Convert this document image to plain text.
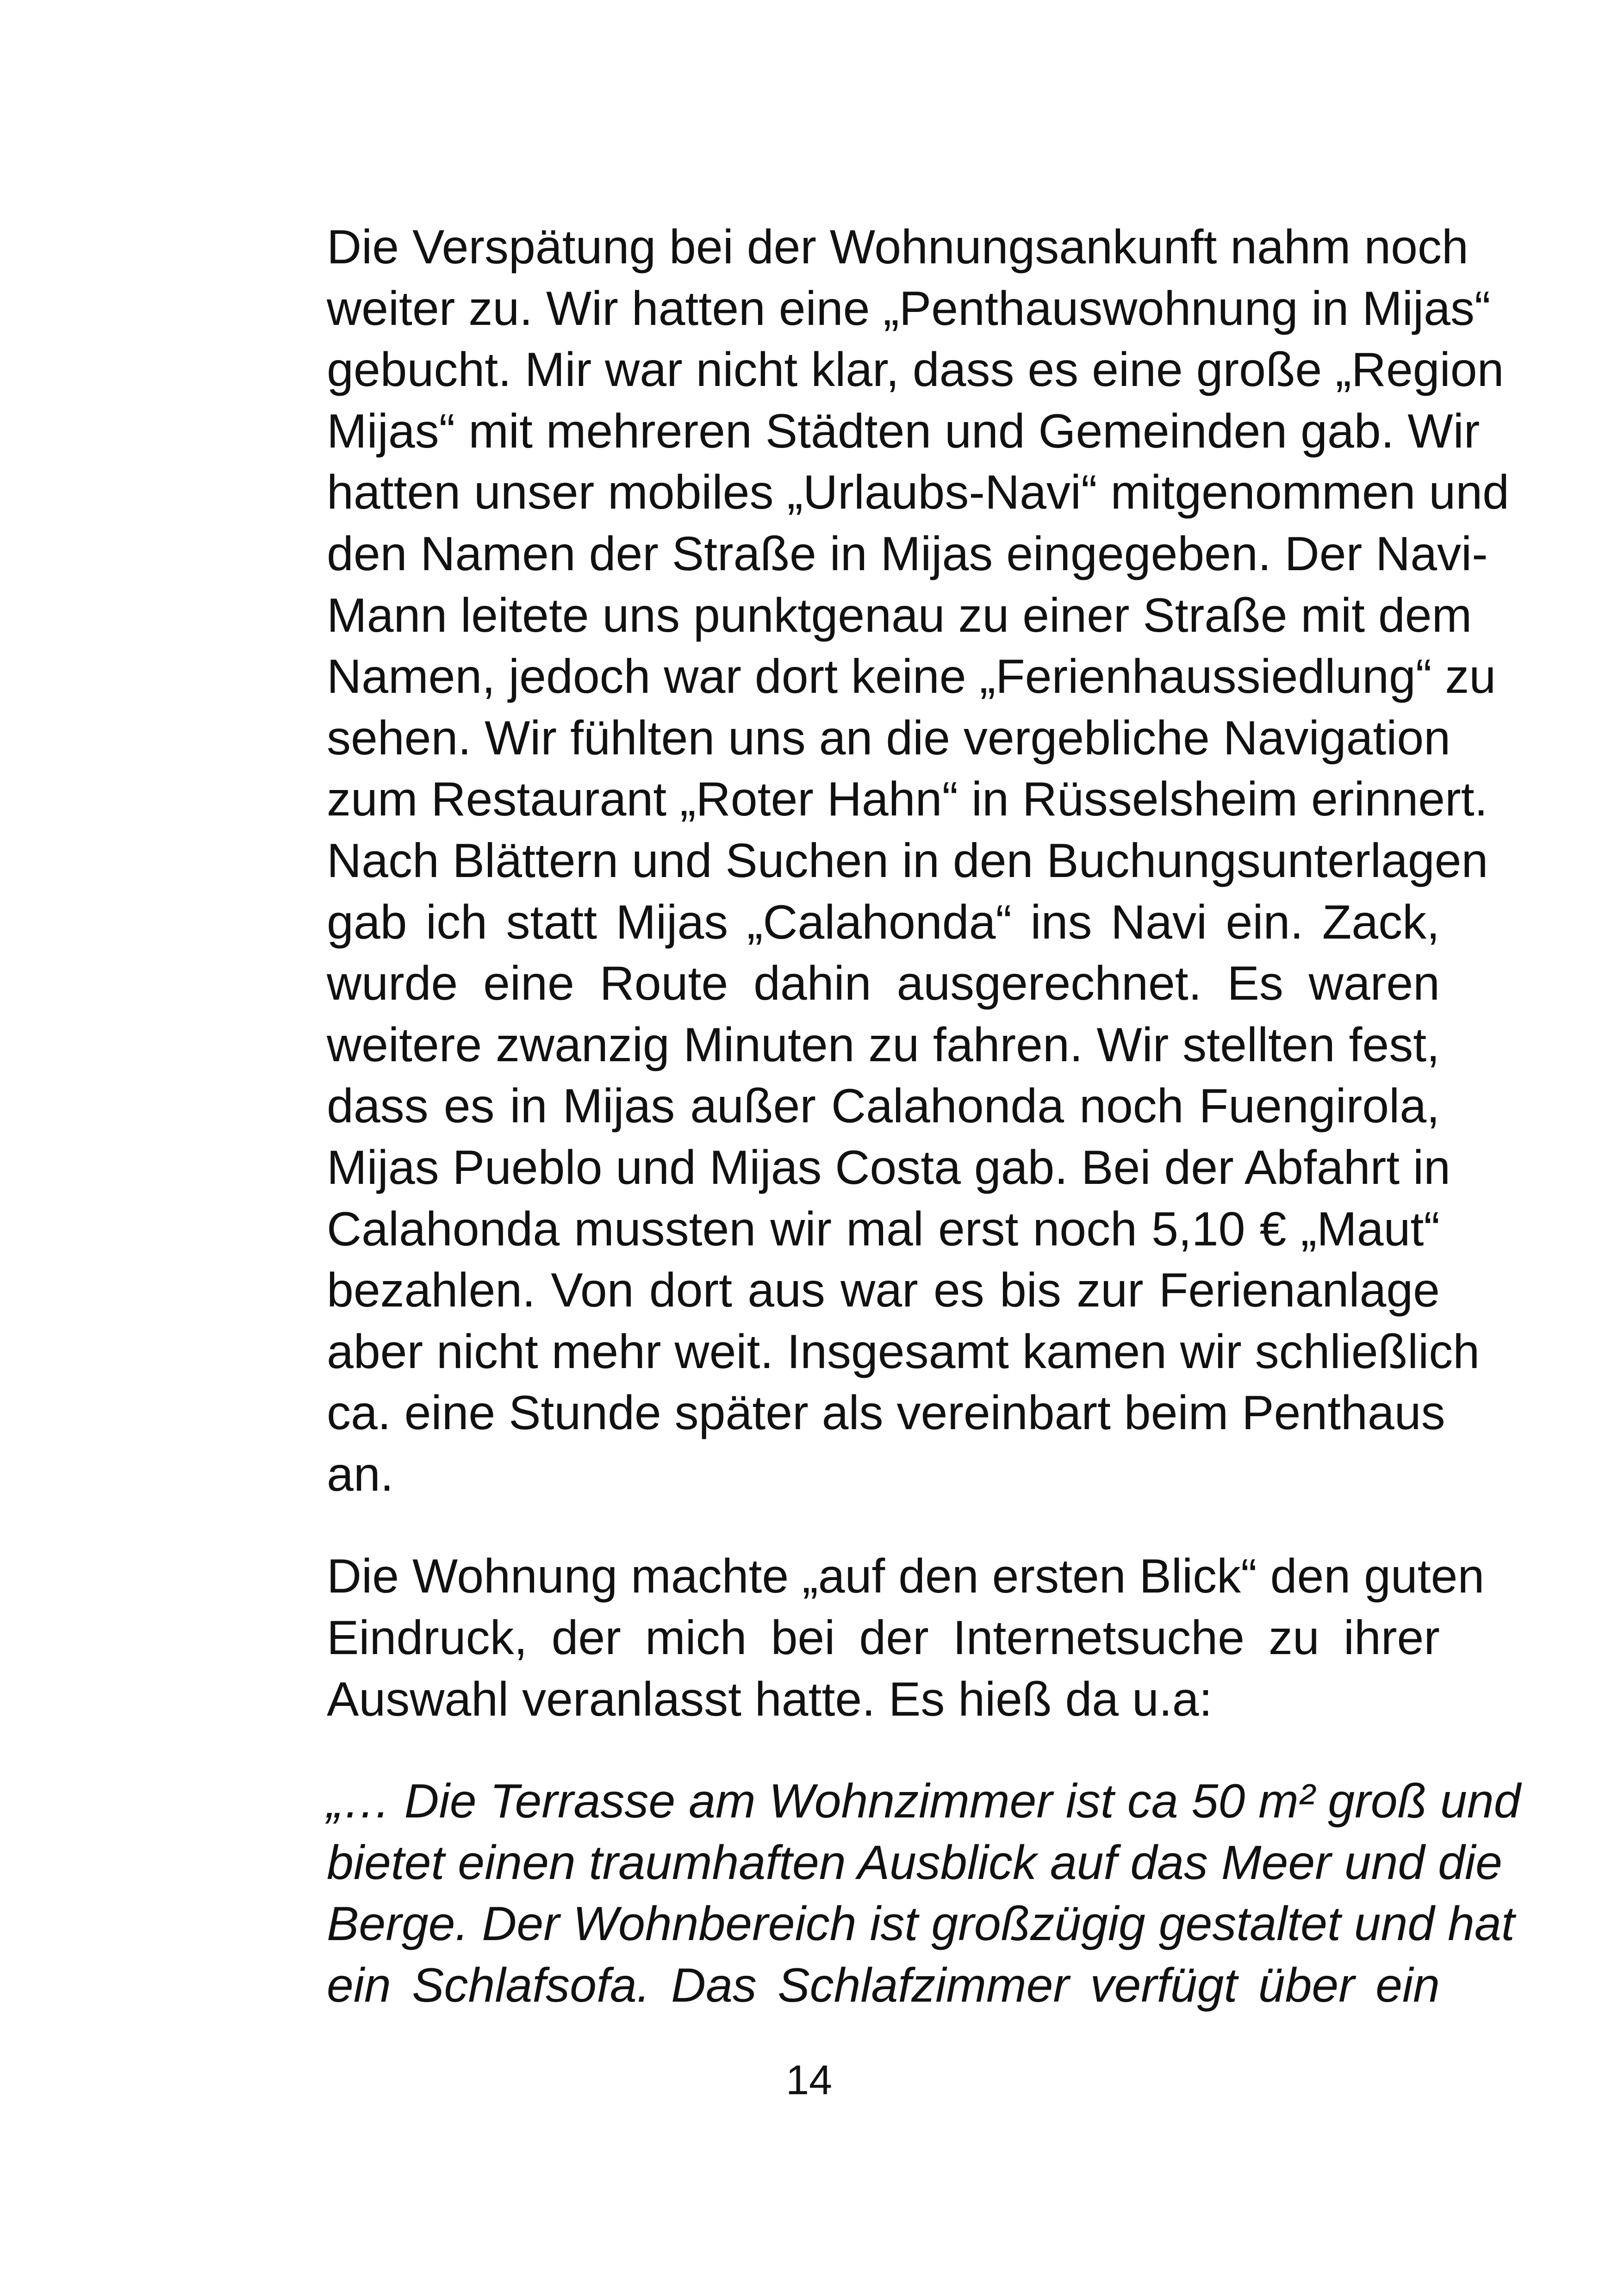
Die Verspätung bei der Wohnungsankunft nahm noch
weiter zu. Wir hatten eine „Penthauswohnung in Mijas“
gebucht. Mir war nicht klar, dass es eine große „Region
Mijas“ mit mehreren Städten und Gemeinden gab. Wir
hatten unser mobiles „Urlaubs-Navi“ mitgenommen und
den Namen der Straße in Mijas eingegeben. Der Navi-
Mann leitete uns punktgenau zu einer Straße mit dem
Namen, jedoch war dort keine „Ferienhaussiedlung“ zu
sehen. Wir fühlten uns an die vergebliche Navigation
zum Restaurant „Roter Hahn“ in Rüsselsheim erinnert.
Nach Blättern und Suchen in den Buchungsunterlagen
gab ich statt Mijas „Calahonda“ ins Navi ein. Zack,
wurde eine Route dahin ausgerechnet. Es waren
weitere zwanzig Minuten zu fahren. Wir stellten fest,
dass es in Mijas außer Calahonda noch Fuengirola,
Mijas Pueblo und Mijas Costa gab. Bei der Abfahrt in
Calahonda mussten wir mal erst noch 5,10 € „Maut“
bezahlen. Von dort aus war es bis zur Ferienanlage
aber nicht mehr weit. Insgesamt kamen wir schließlich
ca. eine Stunde später als vereinbart beim Penthaus
an.

Die Wohnung machte „auf den ersten Blick“ den guten
Eindruck, der mich bei der Internetsuche zu ihrer
Auswahl veranlasst hatte. Es hieß da u.a:

„… Die Terrasse am Wohnzimmer ist ca 50 m² groß und
bietet einen traumhaften Ausblick auf das Meer und die
Berge. Der Wohnbereich ist großzügig gestaltet und hat
ein Schlafsofa. Das Schlafzimmer verfügt über ein

14
